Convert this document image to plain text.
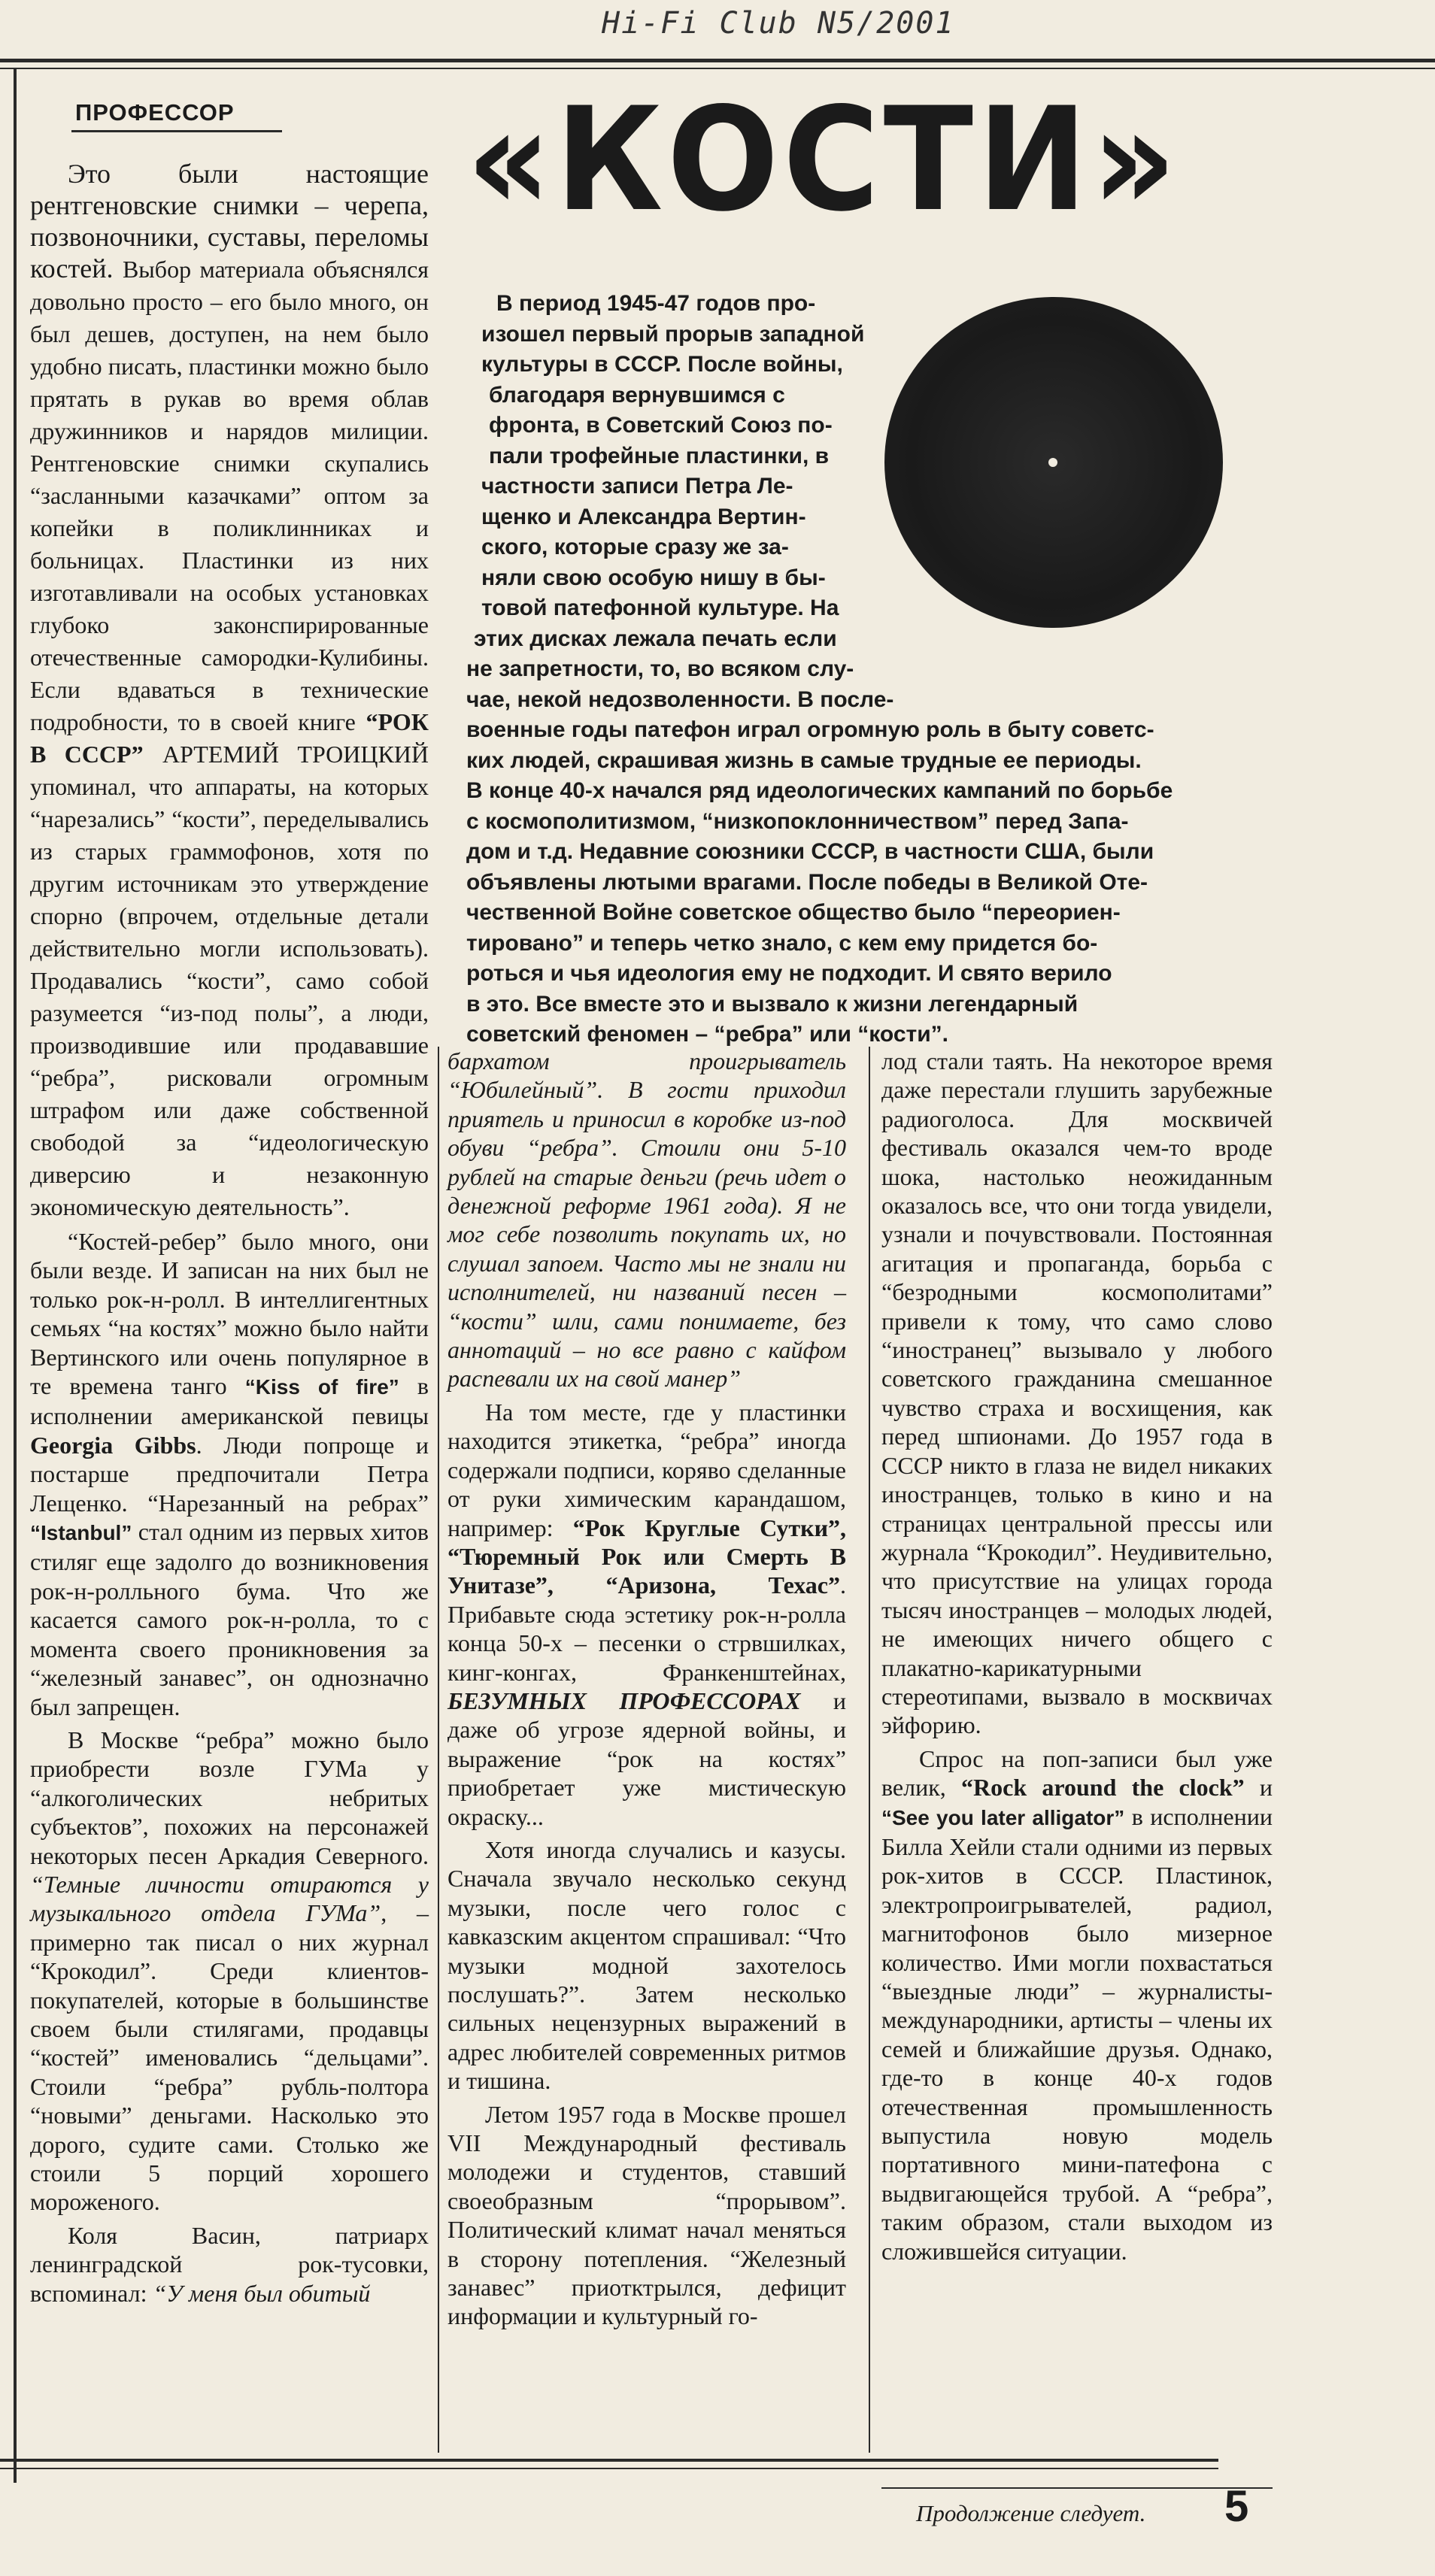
Hi-Fi Club N5/2001
ПРОФЕССОР «КОСТИ»
В период 1945-47 годов про-
изошел первый прорыв западной
культуры в СССР. После войны,
благодаря вернувшимся с
фронта, в Советский Союз по-
пали трофейные пластинки, в
частности записи Петра Ле-
щенко и Александра Вертин-
ского, которые сразу же за-
няли свою особую нишу в бы-
товой патефонной культуре. На
этих дисках лежала печать если
не запретности, то, во всяком слу-
чае, некой недозволенности. В после-
военные годы патефон играл огромную роль в быту советс-
ких людей, скрашивая жизнь в самые трудные ее периоды.
В конце 40-х начался ряд идеологических кампаний по борьбе
с космополитизмом, “низкопоклонничеством” перед Запа-
дом и т.д. Недавние союзники СССР, в частности США, были
объявлены лютыми врагами. После победы в Великой Оте-
чественной Войне советское общество было “переориен-
тировано” и теперь четко знало, с кем ему придется бо-
роться и чья идеология ему не подходит. И свято верило
в это. Все вместе это и вызвало к жизни легендарный
советский феномен – “ребра” или “кости”.

Это были настоящие рентгеновские снимки – черепа, позвоночники, суставы, переломы костей. Выбор материала объяснялся довольно просто – его было много, он был дешев, доступен, на нем было удобно писать, пластинки можно было прятать в рукав во время облав дружинников и нарядов милиции. Рентгеновские снимки скупались “засланными казачками” оптом за копейки в поликлинниках и больницах. Пластинки из них изготавливали на особых установках глубоко законспирированные отечественные самородки-Кулибины. Если вдаваться в технические подробности, то в своей книге “РОК В СССР” АРТЕМИЙ ТРОИЦКИЙ упоминал, что аппараты, на которых “нарезались” “кости”, переделывались из старых граммофонов, хотя по другим источникам это утверждение спорно (впрочем, отдельные детали действительно могли использовать). Продавались “кости”, само собой разумеется “из-под полы”, а люди, производившие или продававшие “ребра”, рисковали огромным штрафом или даже собственной свободой за “идеологическую диверсию и незаконную экономическую деятельность”.

“Костей-ребер” было много, они были везде. И записан на них был не только рок-н-ролл. В интеллигентных семьях “на костях” можно было найти Вертинского или очень популярное в те времена танго “Kiss of fire” в исполнении американской певицы Georgia Gibbs. Люди попроще и постарше предпочитали Петра Лещенко. “Нарезанный на ребрах” “Istanbul” стал одним из первых хитов стиляг еще задолго до возникновения рок-н-ролльного бума. Что же касается самого рок-н-ролла, то с момента своего проникновения за “железный занавес”, он однозначно был запрещен.

В Москве “ребра” можно было приобрести возле ГУМа у “алкоголических небритых субъектов”, похожих на персонажей некоторых песен Аркадия Северного. “Темные личности отираются у музыкального отдела ГУМа”, – примерно так писал о них журнал “Крокодил”. Среди клиентов-покупателей, которые в большинстве своем были стилягами, продавцы “костей” именовались “дельцами”. Стоили “ребра” рубль-полтора “новыми” деньгами. Насколько это дорого, судите сами. Столько же стоили 5 порций хорошего мороженого.

Коля Васин, патриарх ленинградской рок-тусовки, вспоминал: “У меня был обитый

бархатом проигрыватель “Юбилейный”. В гости приходил приятель и приносил в коробке из-под обуви “ребра”. Стоили они 5-10 рублей на старые деньги (речь идет о денежной реформе 1961 года). Я не мог себе позволить покупать их, но слушал запоем. Часто мы не знали ни исполнителей, ни названий песен – “кости” шли, сами понимаете, без аннотаций – но все равно с кайфом распевали их на свой манер”

На том месте, где у пластинки находится этикетка, “ребра” иногда содержали подписи, коряво сделанные от руки химическим карандашом, например: “Рок Круглые Сутки”, “Тюремный Рок или Смерть В Унитазе”, “Аризона, Техас”. Прибавьте сюда эстетику рок-н-ролла конца 50-х – песенки о стрвшилках, кинг-конгах, Франкенштейнах, БЕЗУМНЫХ ПРОФЕССОРАХ и даже об угрозе ядерной войны, и выражение “рок на костях” приобретает уже мистическую окраску...

Хотя иногда случались и казусы. Сначала звучало несколько секунд музыки, после чего голос с кавказским акцентом спрашивал: “Что музыки модной захотелось послушать?”. Затем несколько сильных нецензурных выражений в адрес любителей современных ритмов и тишина.

Летом 1957 года в Москве прошел VII Международный фестиваль молодежи и студентов, ставший своеобразным “прорывом”. Политический климат начал меняться в сторону потепления. “Железный занавес” приотктрылся, дефицит информации и культурный го-

лод стали таять. На некоторое время даже перестали глушить зарубежные радиоголоса. Для москвичей фестиваль оказался чем-то вроде шока, настолько неожиданным оказалось все, что они тогда увидели, узнали и почувствовали. Постоянная агитация и пропаганда, борьба с “безродными космополитами” привели к тому, что само слово “иностранец” вызывало у любого советского гражданина смешанное чувство страха и восхищения, как перед шпионами. До 1957 года в СССР никто в глаза не видел никаких иностранцев, только в кино и на страницах центральной прессы или журнала “Крокодил”. Неудивительно, что присутствие на улицах города тысяч иностранцев – молодых людей, не имеющих ничего общего с плакатно-карикатурными стереотипами, вызвало в москвичах эйфорию.

Спрос на поп-записи был уже велик, “Rock around the clock” и “See you later alligator” в исполнении Билла Хейли стали одними из первых рок-хитов в СССР. Пластинок, электропроигрывателей, радиол, магнитофонов было мизерное количество. Ими могли похвастаться “выездные люди” – журналисты-международники, артисты – члены их семей и ближайшие друзья. Однако, где-то в конце 40-х годов отечественная промышленность выпустила новую модель портативного мини-патефона с выдвигающейся трубой. А “ребра”, таким образом, стали выходом из сложившейся ситуации.

Продолжение следует. 5
